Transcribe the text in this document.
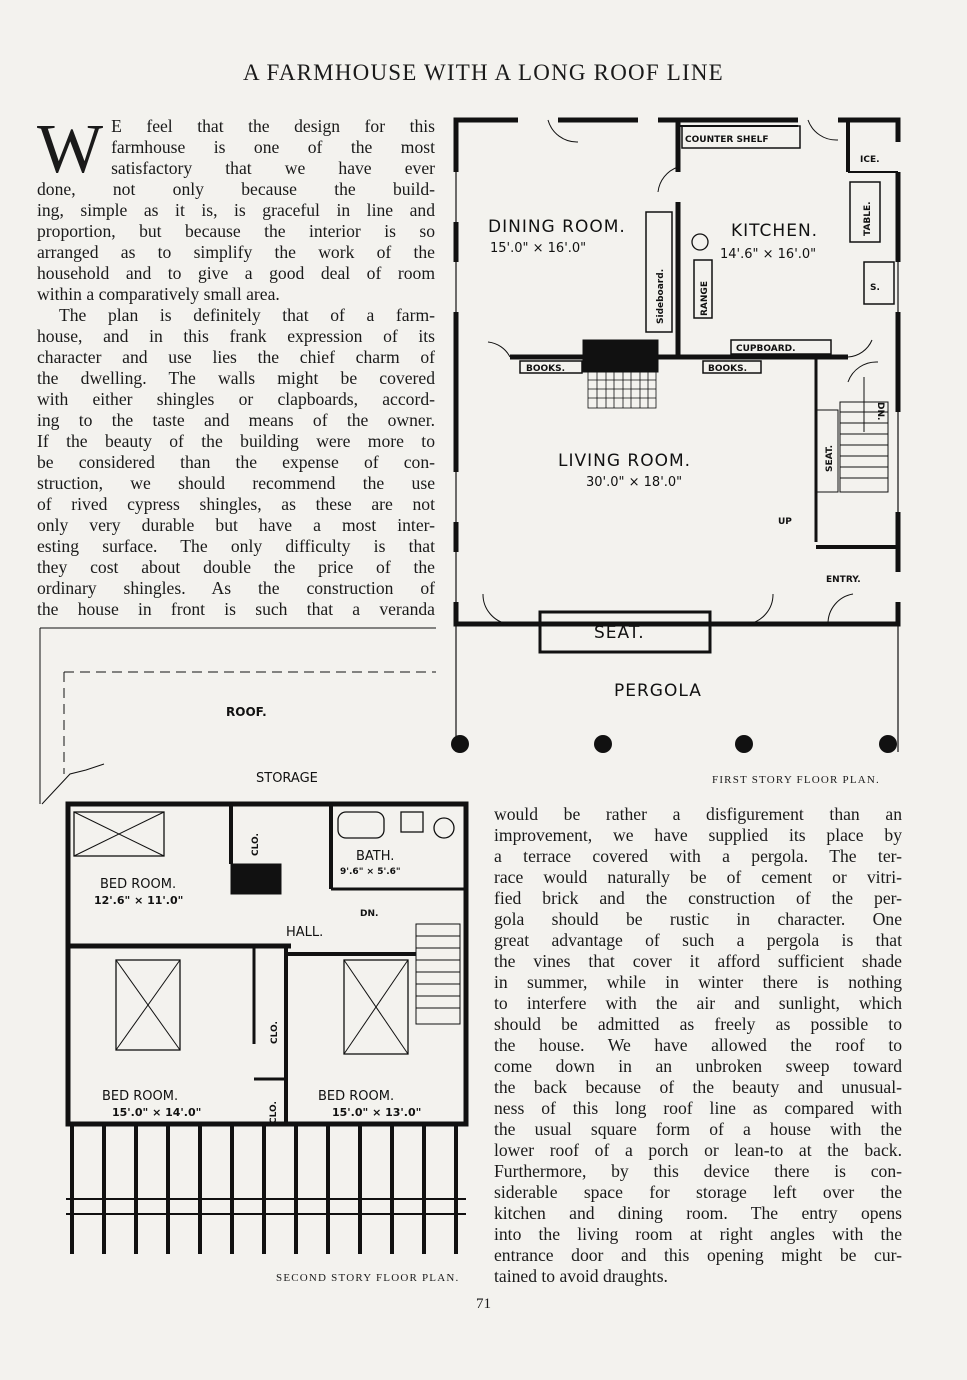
A FARMHOUSE WITH A LONG ROOF LINE
W E feel that the design for this

farmhouse is one of the most

satisfactory that we have ever

done, not only because the build-

ing, simple as it is, is graceful in line and

proportion, but because the interior is so

arranged as to simplify the work of the

household and to give a good deal of room

within a comparatively small area.

The plan is definitely that of a farm-

house, and in this frank expression of its

character and use lies the chief charm of

the dwelling. The walls might be covered

with either shingles or clapboards, accord-

ing to the taste and means of the owner.

If the beauty of the building were more to

be considered than the expense of con-

struction, we should recommend the use

of rived cypress shingles, as these are not

only very durable but have a most inter-

esting surface. The only difficulty is that

they cost about double the price of the

ordinary shingles. As the construction of

the house in front is such that a veranda

would be rather a disfigurement than an

improvement, we have supplied its place by

a terrace covered with a pergola. The ter-

race would naturally be of cement or vitri-

fied brick and the construction of the per-

gola should be rustic in character. One

great advantage of such a pergola is that

the vines that cover it afford sufficient shade

in summer, while in winter there is nothing

to interfere with the air and sunlight, which

should be admitted as freely as possible to

the house. We have allowed the roof to

come down in an unbroken sweep toward

the back because of the beauty and unusual-

ness of this long roof line as compared with

the usual square form of a house with the

lower roof of a porch or lean-to at the back.

Furthermore, by this device there is con-

siderable space for storage left over the

kitchen and dining room. The entry opens

into the living room at right angles with the

entrance door and this opening might be cur-

tained to avoid draughts.

DINING ROOM.
15'.0" × 16'.0"
KITCHEN.
14'.6" × 16'.0"
COUNTER SHELF
ICE.
TABLE.
S.
Sideboard.	RANGE
CUPBOARD.
BOOKS.	BOOKS.
SEAT.
DN.
UP
ENTRY.
LIVING ROOM.
30'.0" × 18'.0"
SEAT.
PERGOLA
FIRST STORY FLOOR PLAN.
ROOF.
STORAGE
CLO.
BATH.
9'.6" × 5'.6"
BED ROOM.
12'.6" × 11'.0"
HALL.
DN.
CLO.
BED ROOM.
15'.0" × 14'.0"	CLO.
BED ROOM.
15'.0" × 13'.0"
SECOND STORY FLOOR PLAN.
71
